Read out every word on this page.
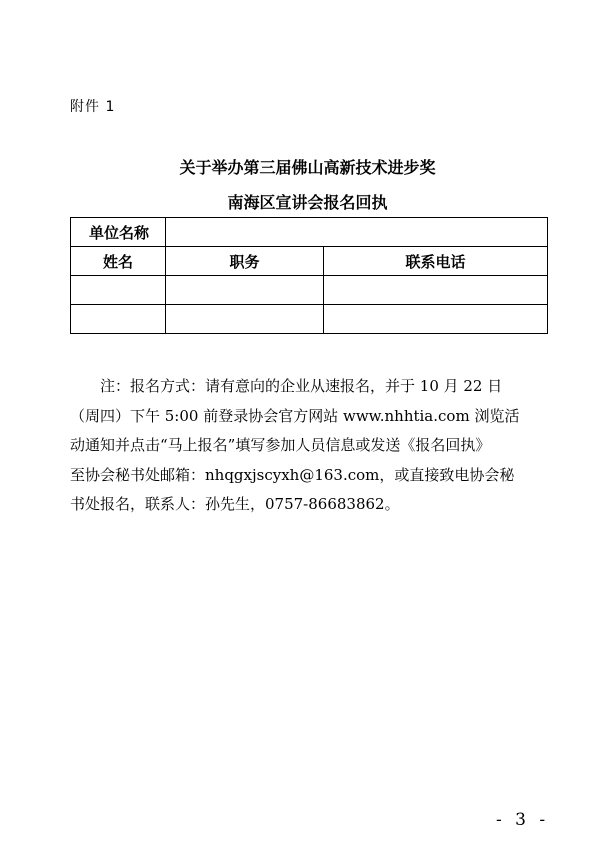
附件 1
关于举办第三届佛山高新技术进步奖
南海区宣讲会报名回执
单位名称		
姓名	职务	联系电话

注：报名方式：请有意向的企业从速报名，并于 10 月 22 日
（周四）下午 5:00 前登录协会官方网站 www.nhhtia.com 浏览活
动通知并点击“马上报名”填写参加人员信息或发送《报名回执》
至协会秘书处邮箱：nhqgxjscyxh@163.com，或直接致电协会秘
书处报名，联系人：孙先生，0757-86683862。
- 3 -
